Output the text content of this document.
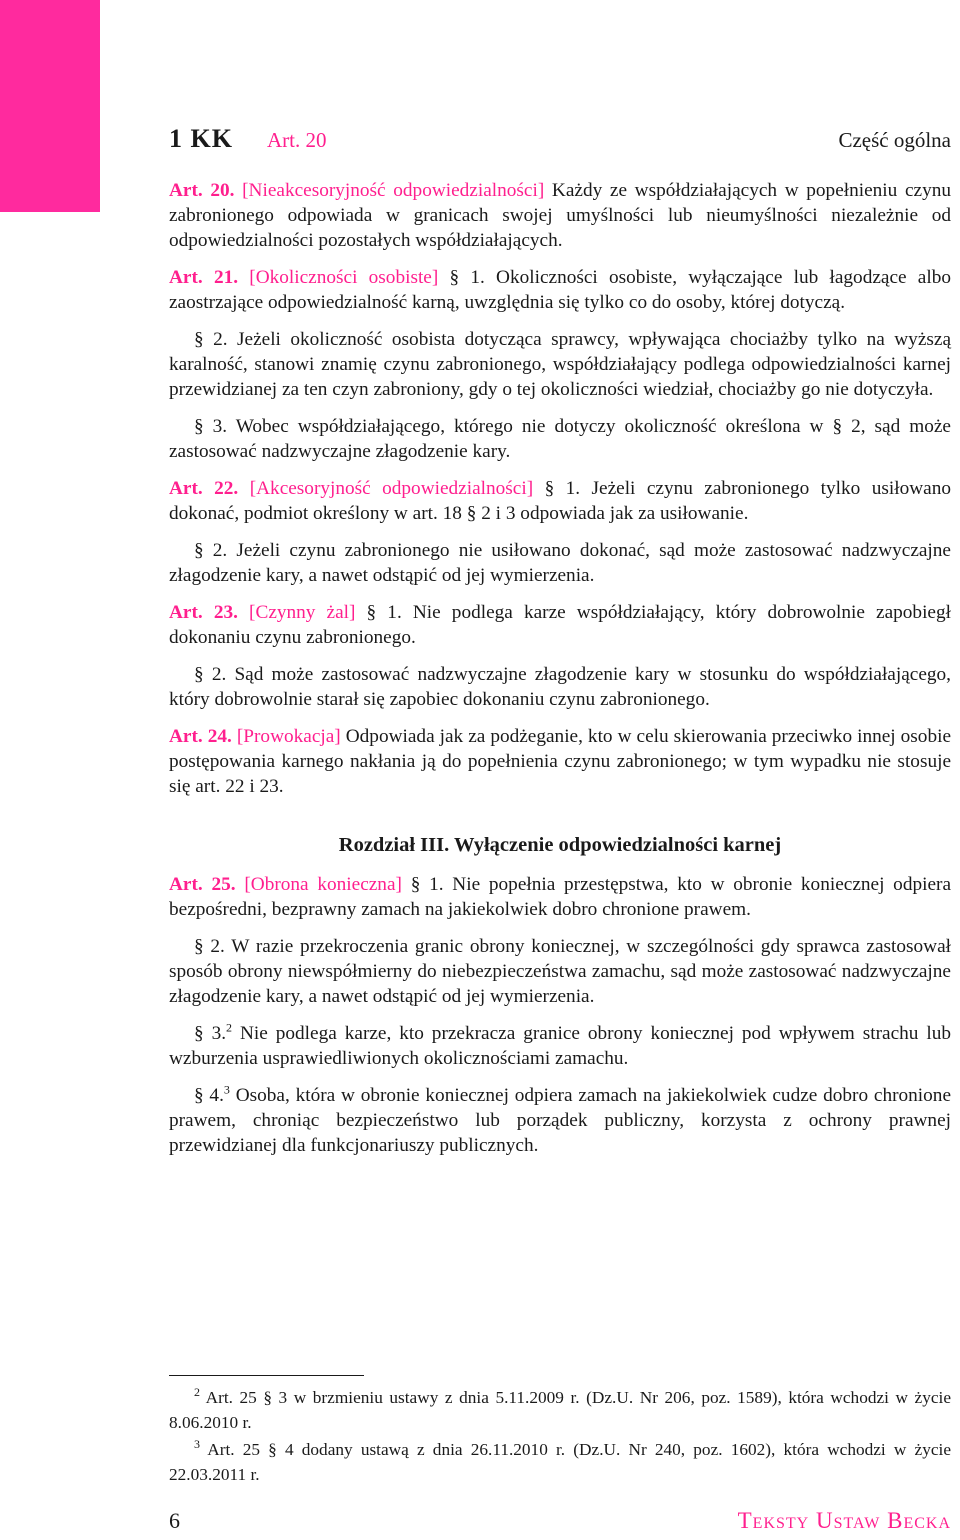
1 KK Art. 20	Część ogólna

Art. 20. [Nieakcesoryjność odpowiedzialności] Każdy ze współdziałających w popełnieniu czynu zabronionego odpowiada w granicach swojej umyślności lub nieumyślności niezależnie od odpowiedzialności pozostałych współdziałających.

Art. 21. [Okoliczności osobiste] § 1. Okoliczności osobiste, wyłączające lub łagodzące albo zaostrzające odpowiedzialność karną, uwzględnia się tylko co do osoby, której dotyczą.

§ 2. Jeżeli okoliczność osobista dotycząca sprawcy, wpływająca chociażby tylko na wyższą karalność, stanowi znamię czynu zabronionego, współdziałający podlega odpowiedzialności karnej przewidzianej za ten czyn zabroniony, gdy o tej okoliczności wiedział, chociażby go nie dotyczyła.

§ 3. Wobec współdziałającego, którego nie dotyczy okoliczność określona w § 2, sąd może zastosować nadzwyczajne złagodzenie kary.

Art. 22. [Akcesoryjność odpowiedzialności] § 1. Jeżeli czynu zabronionego tylko usiłowano dokonać, podmiot określony w art. 18 § 2 i 3 odpowiada jak za usiłowanie.

§ 2. Jeżeli czynu zabronionego nie usiłowano dokonać, sąd może zastosować nadzwyczajne złagodzenie kary, a nawet odstąpić od jej wymierzenia.

Art. 23. [Czynny żal] § 1. Nie podlega karze współdziałający, który dobrowolnie zapobiegł dokonaniu czynu zabronionego.

§ 2. Sąd może zastosować nadzwyczajne złagodzenie kary w stosunku do współdziałającego, który dobrowolnie starał się zapobiec dokonaniu czynu zabronionego.

Art. 24. [Prowokacja] Odpowiada jak za podżeganie, kto w celu skierowania przeciwko innej osobie postępowania karnego nakłania ją do popełnienia czynu zabronionego; w tym wypadku nie stosuje się art. 22 i 23.

Rozdział III. Wyłączenie odpowiedzialności karnej

Art. 25. [Obrona konieczna] § 1. Nie popełnia przestępstwa, kto w obronie koniecznej odpiera bezpośredni, bezprawny zamach na jakiekolwiek dobro chronione prawem.

§ 2. W razie przekroczenia granic obrony koniecznej, w szczególności gdy sprawca zastosował sposób obrony niewspółmierny do niebezpieczeństwa zamachu, sąd może zastosować nadzwyczajne złagodzenie kary, a nawet odstąpić od jej wymierzenia.

§ 3.$^2$ Nie podlega karze, kto przekracza granice obrony koniecznej pod wpływem strachu lub wzburzenia usprawiedliwionych okolicznościami zamachu.

§ 4.$^3$ Osoba, która w obronie koniecznej odpiera zamach na jakiekolwiek cudze dobro chronione prawem, chroniąc bezpieczeństwo lub porządek publiczny, korzysta z ochrony prawnej przewidzianej dla funkcjonariuszy publicznych.

$^2$ Art. 25 § 3 w brzmieniu ustawy z dnia 5.11.2009 r. (Dz.U. Nr 206, poz. 1589), która wchodzi w życie 8.06.2010 r.

$^3$ Art. 25 § 4 dodany ustawą z dnia 26.11.2010 r. (Dz.U. Nr 240, poz. 1602), która wchodzi w życie 22.03.2011 r.

6	Teksty Ustaw Becka
